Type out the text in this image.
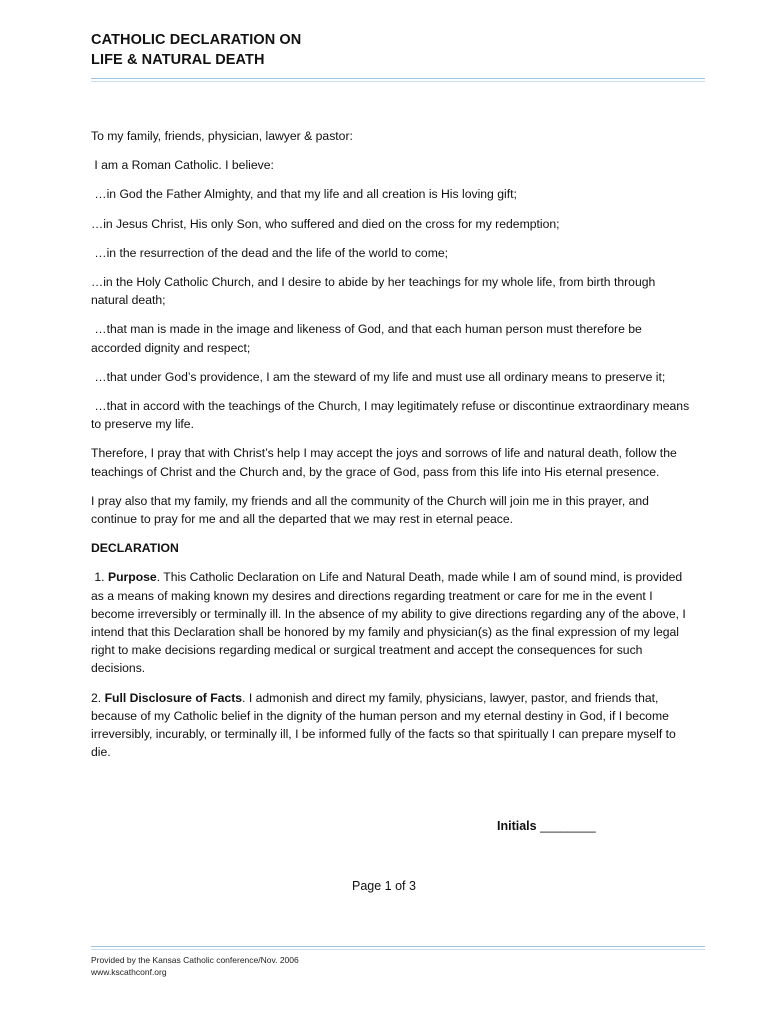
CATHOLIC DECLARATION ON
LIFE & NATURAL DEATH

To my family, friends, physician, lawyer & pastor:

I am a Roman Catholic. I believe:

…in God the Father Almighty, and that my life and all creation is His loving gift;

…in Jesus Christ, His only Son, who suffered and died on the cross for my redemption;

…in the resurrection of the dead and the life of the world to come;

…in the Holy Catholic Church, and I desire to abide by her teachings for my whole life, from birth through natural death;

…that man is made in the image and likeness of God, and that each human person must therefore be accorded dignity and respect;

…that under God’s providence, I am the steward of my life and must use all ordinary means to preserve it;

…that in accord with the teachings of the Church, I may legitimately refuse or discontinue extraordinary means to preserve my life.

Therefore, I pray that with Christ’s help I may accept the joys and sorrows of life and natural death, follow the teachings of Christ and the Church and, by the grace of God, pass from this life into His eternal presence.

I pray also that my family, my friends and all the community of the Church will join me in this prayer, and continue to pray for me and all the departed that we may rest in eternal peace.

DECLARATION

1. Purpose. This Catholic Declaration on Life and Natural Death, made while I am of sound mind, is provided as a means of making known my desires and directions regarding treatment or care for me in the event I become irreversibly or terminally ill. In the absence of my ability to give directions regarding any of the above, I intend that this Declaration shall be honored by my family and physician(s) as the final expression of my legal right to make decisions regarding medical or surgical treatment and accept the consequences for such decisions.

2. Full Disclosure of Facts. I admonish and direct my family, physicians, lawyer, pastor, and friends that, because of my Catholic belief in the dignity of the human person and my eternal destiny in God, if I become irreversibly, incurably, or terminally ill, I be informed fully of the facts so that spiritually I can prepare myself to die.

Initials ________
Page 1 of 3
Provided by the Kansas Catholic conference/Nov. 2006
www.kscathconf.org
